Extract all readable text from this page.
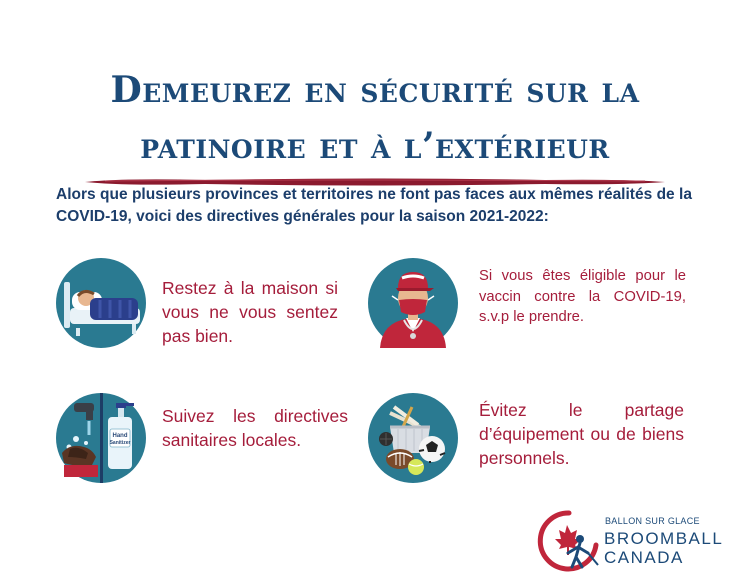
Demeurez en sécurité sur la
patinoire et à l’extérieur
Alors que plusieurs provinces et territoires ne font pas faces aux mêmes réalités de la COVID-19, voici des directives générales pour la saison 2021-2022:
Restez à la maison si vous ne vous sentez pas bien.
Si vous êtes éligible pour le vaccin contre la COVID-19, s.v.p le prendre.
Hand
Sanitizer
Suivez les directives sanitaires locales.
Évitez le partage d’équipement ou de biens personnels.
BALLON SUR GLACE
BROOMBALL
CANADA
